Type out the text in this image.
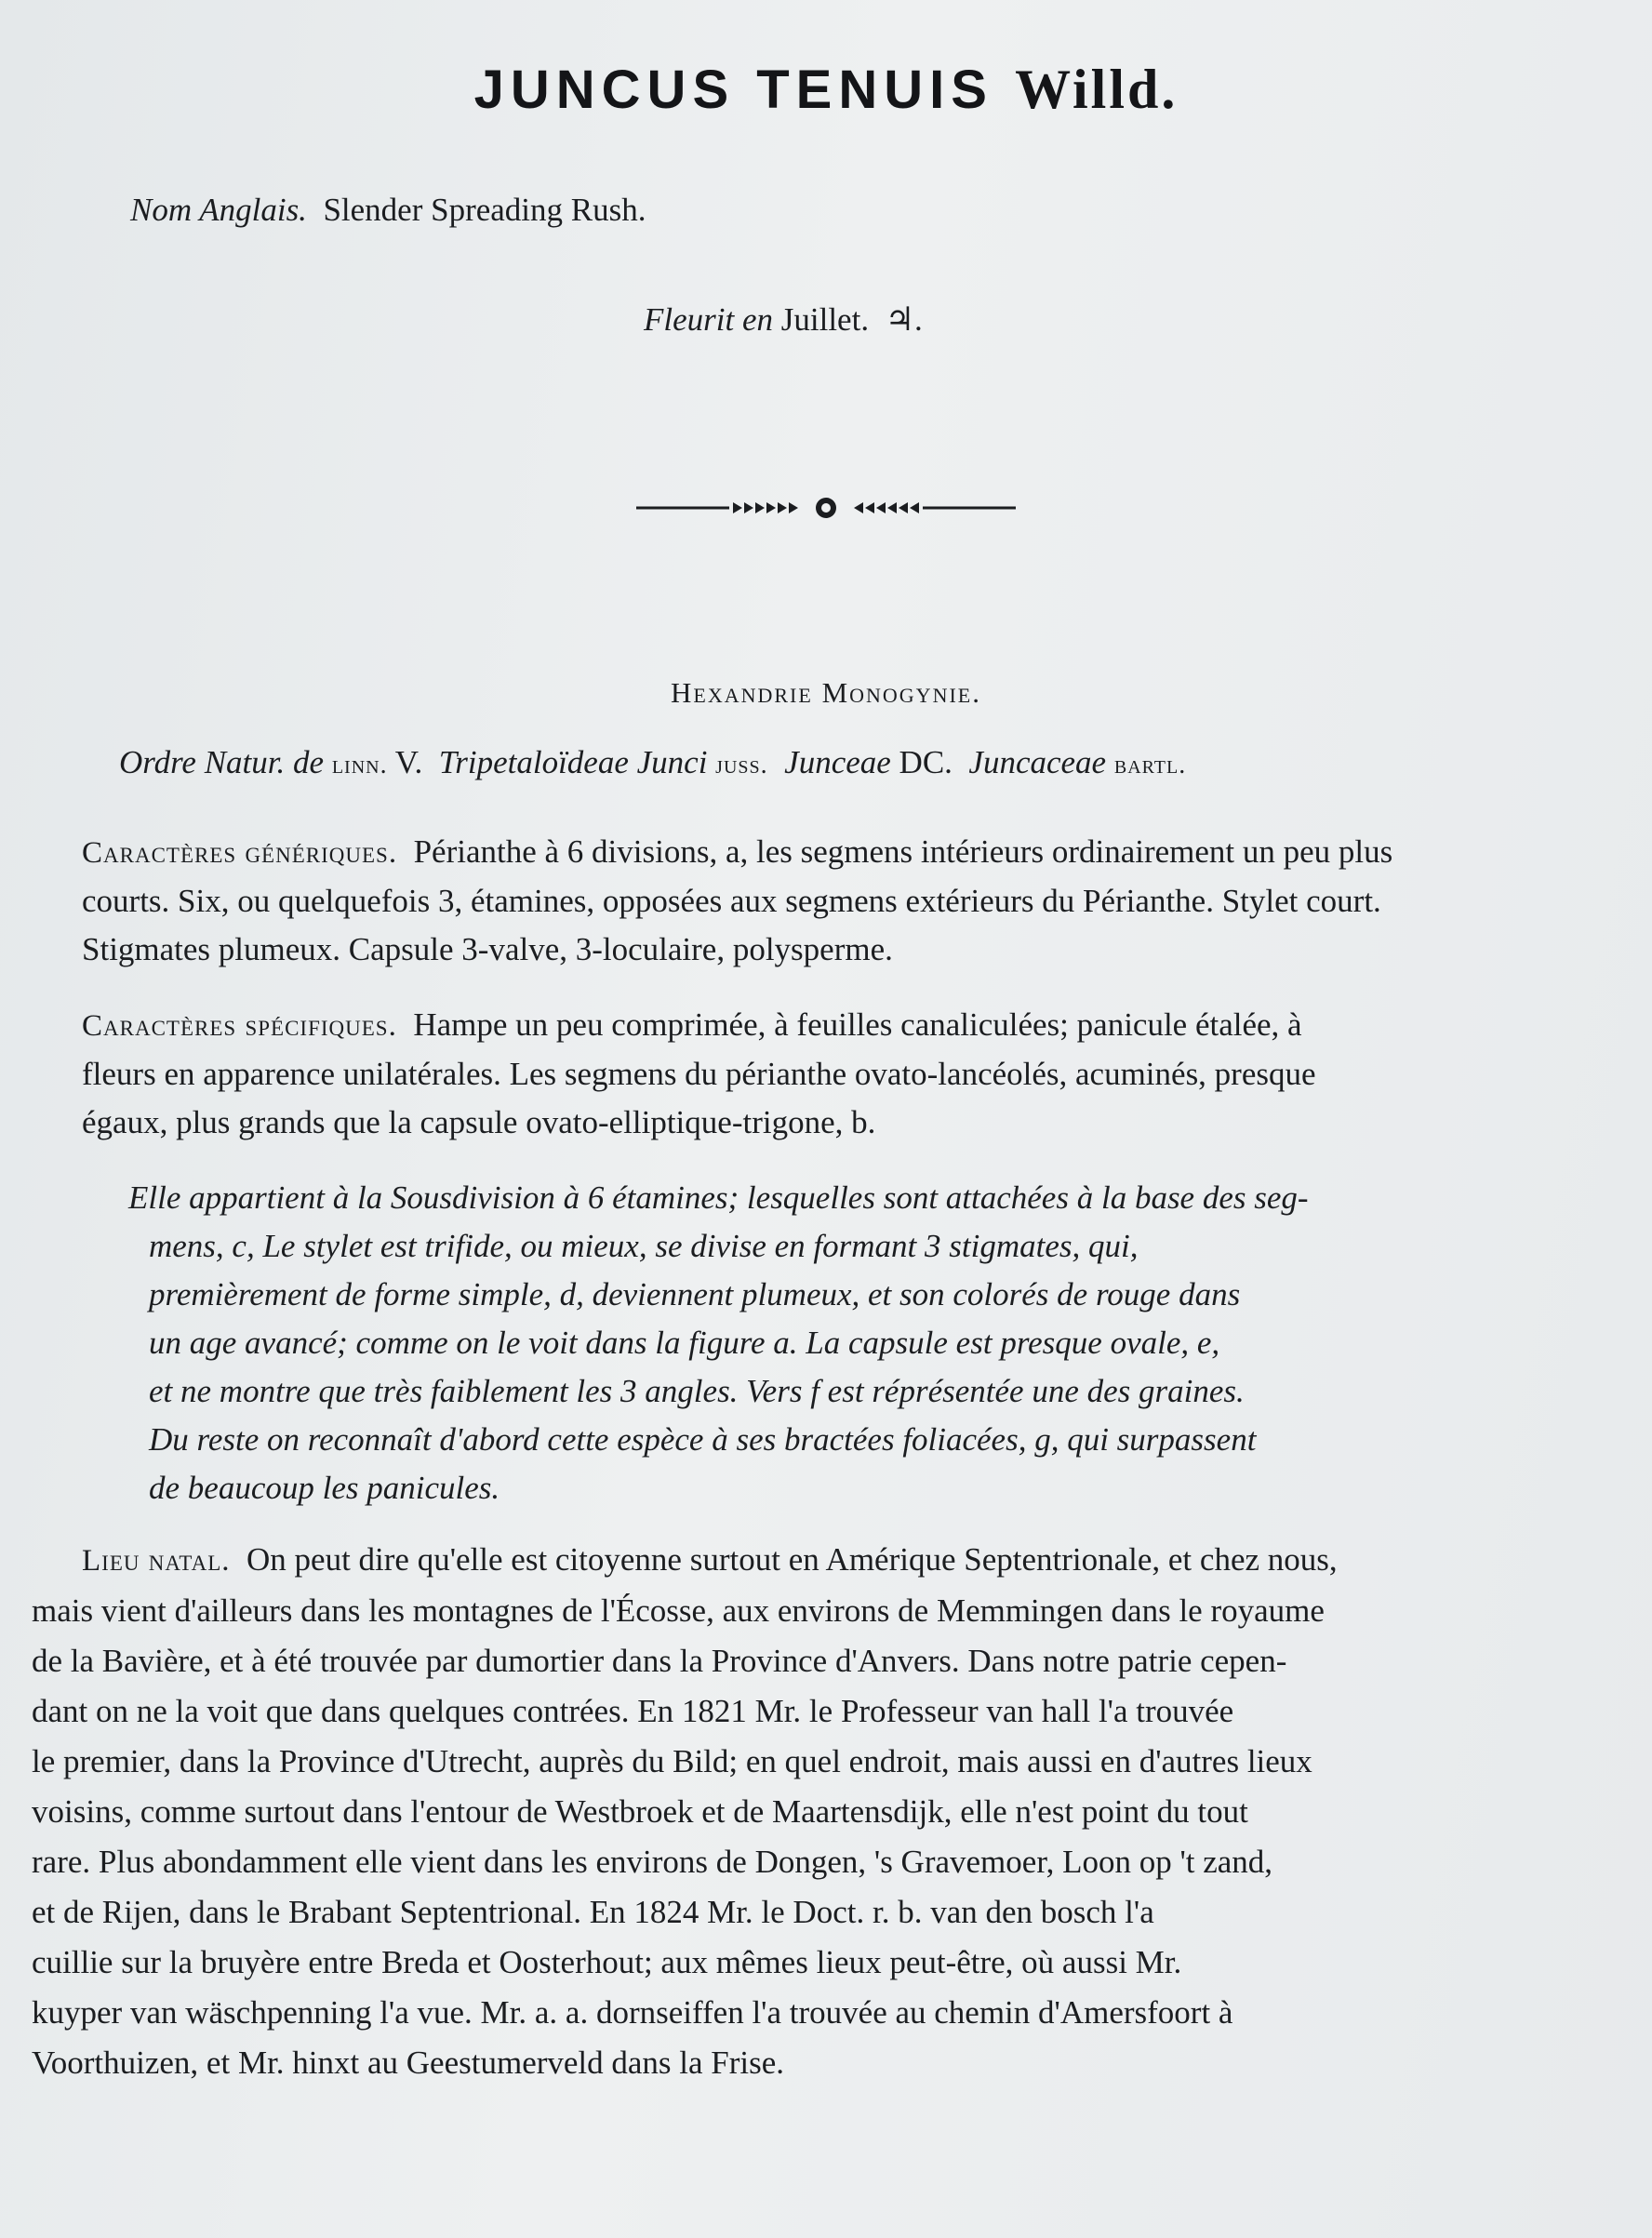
JUNCUS TENUIS Willd.
Nom Anglais. Slender Spreading Rush.
Fleurit en Juillet. ♃.
Hexandrie Monogynie.
Ordre Natur. de linn. V. Tripetaloïdeae Junci juss. Junceae DC. Juncaceae bartl.

Caractères génériques. Périanthe à 6 divisions, a, les segmens intérieurs ordinairement un peu plus

courts. Six, ou quelquefois 3, étamines, opposées aux segmens extérieurs du Périanthe. Stylet court.

Stigmates plumeux. Capsule 3-valve, 3-loculaire, polysperme.

Caractères spécifiques. Hampe un peu comprimée, à feuilles canaliculées; panicule étalée, à

fleurs en apparence unilatérales. Les segmens du périanthe ovato-lancéolés, acuminés, presque

égaux, plus grands que la capsule ovato-elliptique-trigone, b.

Elle appartient à la Sousdivision à 6 étamines; lesquelles sont attachées à la base des seg-

mens, c, Le stylet est trifide, ou mieux, se divise en formant 3 stigmates, qui,

premièrement de forme simple, d, deviennent plumeux, et son colorés de rouge dans

un age avancé; comme on le voit dans la figure a. La capsule est presque ovale, e,

et ne montre que très faiblement les 3 angles. Vers f est réprésentée une des graines.

Du reste on reconnaît d'abord cette espèce à ses bractées foliacées, g, qui surpassent

de beaucoup les panicules.

Lieu natal. On peut dire qu'elle est citoyenne surtout en Amérique Septentrionale, et chez nous,

mais vient d'ailleurs dans les montagnes de l'Écosse, aux environs de Memmingen dans le royaume

de la Bavière, et à été trouvée par dumortier dans la Province d'Anvers. Dans notre patrie cepen-

dant on ne la voit que dans quelques contrées. En 1821 Mr. le Professeur van hall l'a trouvée

le premier, dans la Province d'Utrecht, auprès du Bild; en quel endroit, mais aussi en d'autres lieux

voisins, comme surtout dans l'entour de Westbroek et de Maartensdijk, elle n'est point du tout

rare. Plus abondamment elle vient dans les environs de Dongen, 's Gravemoer, Loon op 't zand,

et de Rijen, dans le Brabant Septentrional. En 1824 Mr. le Doct. r. b. van den bosch l'a

cuillie sur la bruyère entre Breda et Oosterhout; aux mêmes lieux peut-être, où aussi Mr.

kuyper van wäschpenning l'a vue. Mr. a. a. dornseiffen l'a trouvée au chemin d'Amersfoort à

Voorthuizen, et Mr. hinxt au Geestumerveld dans la Frise.
